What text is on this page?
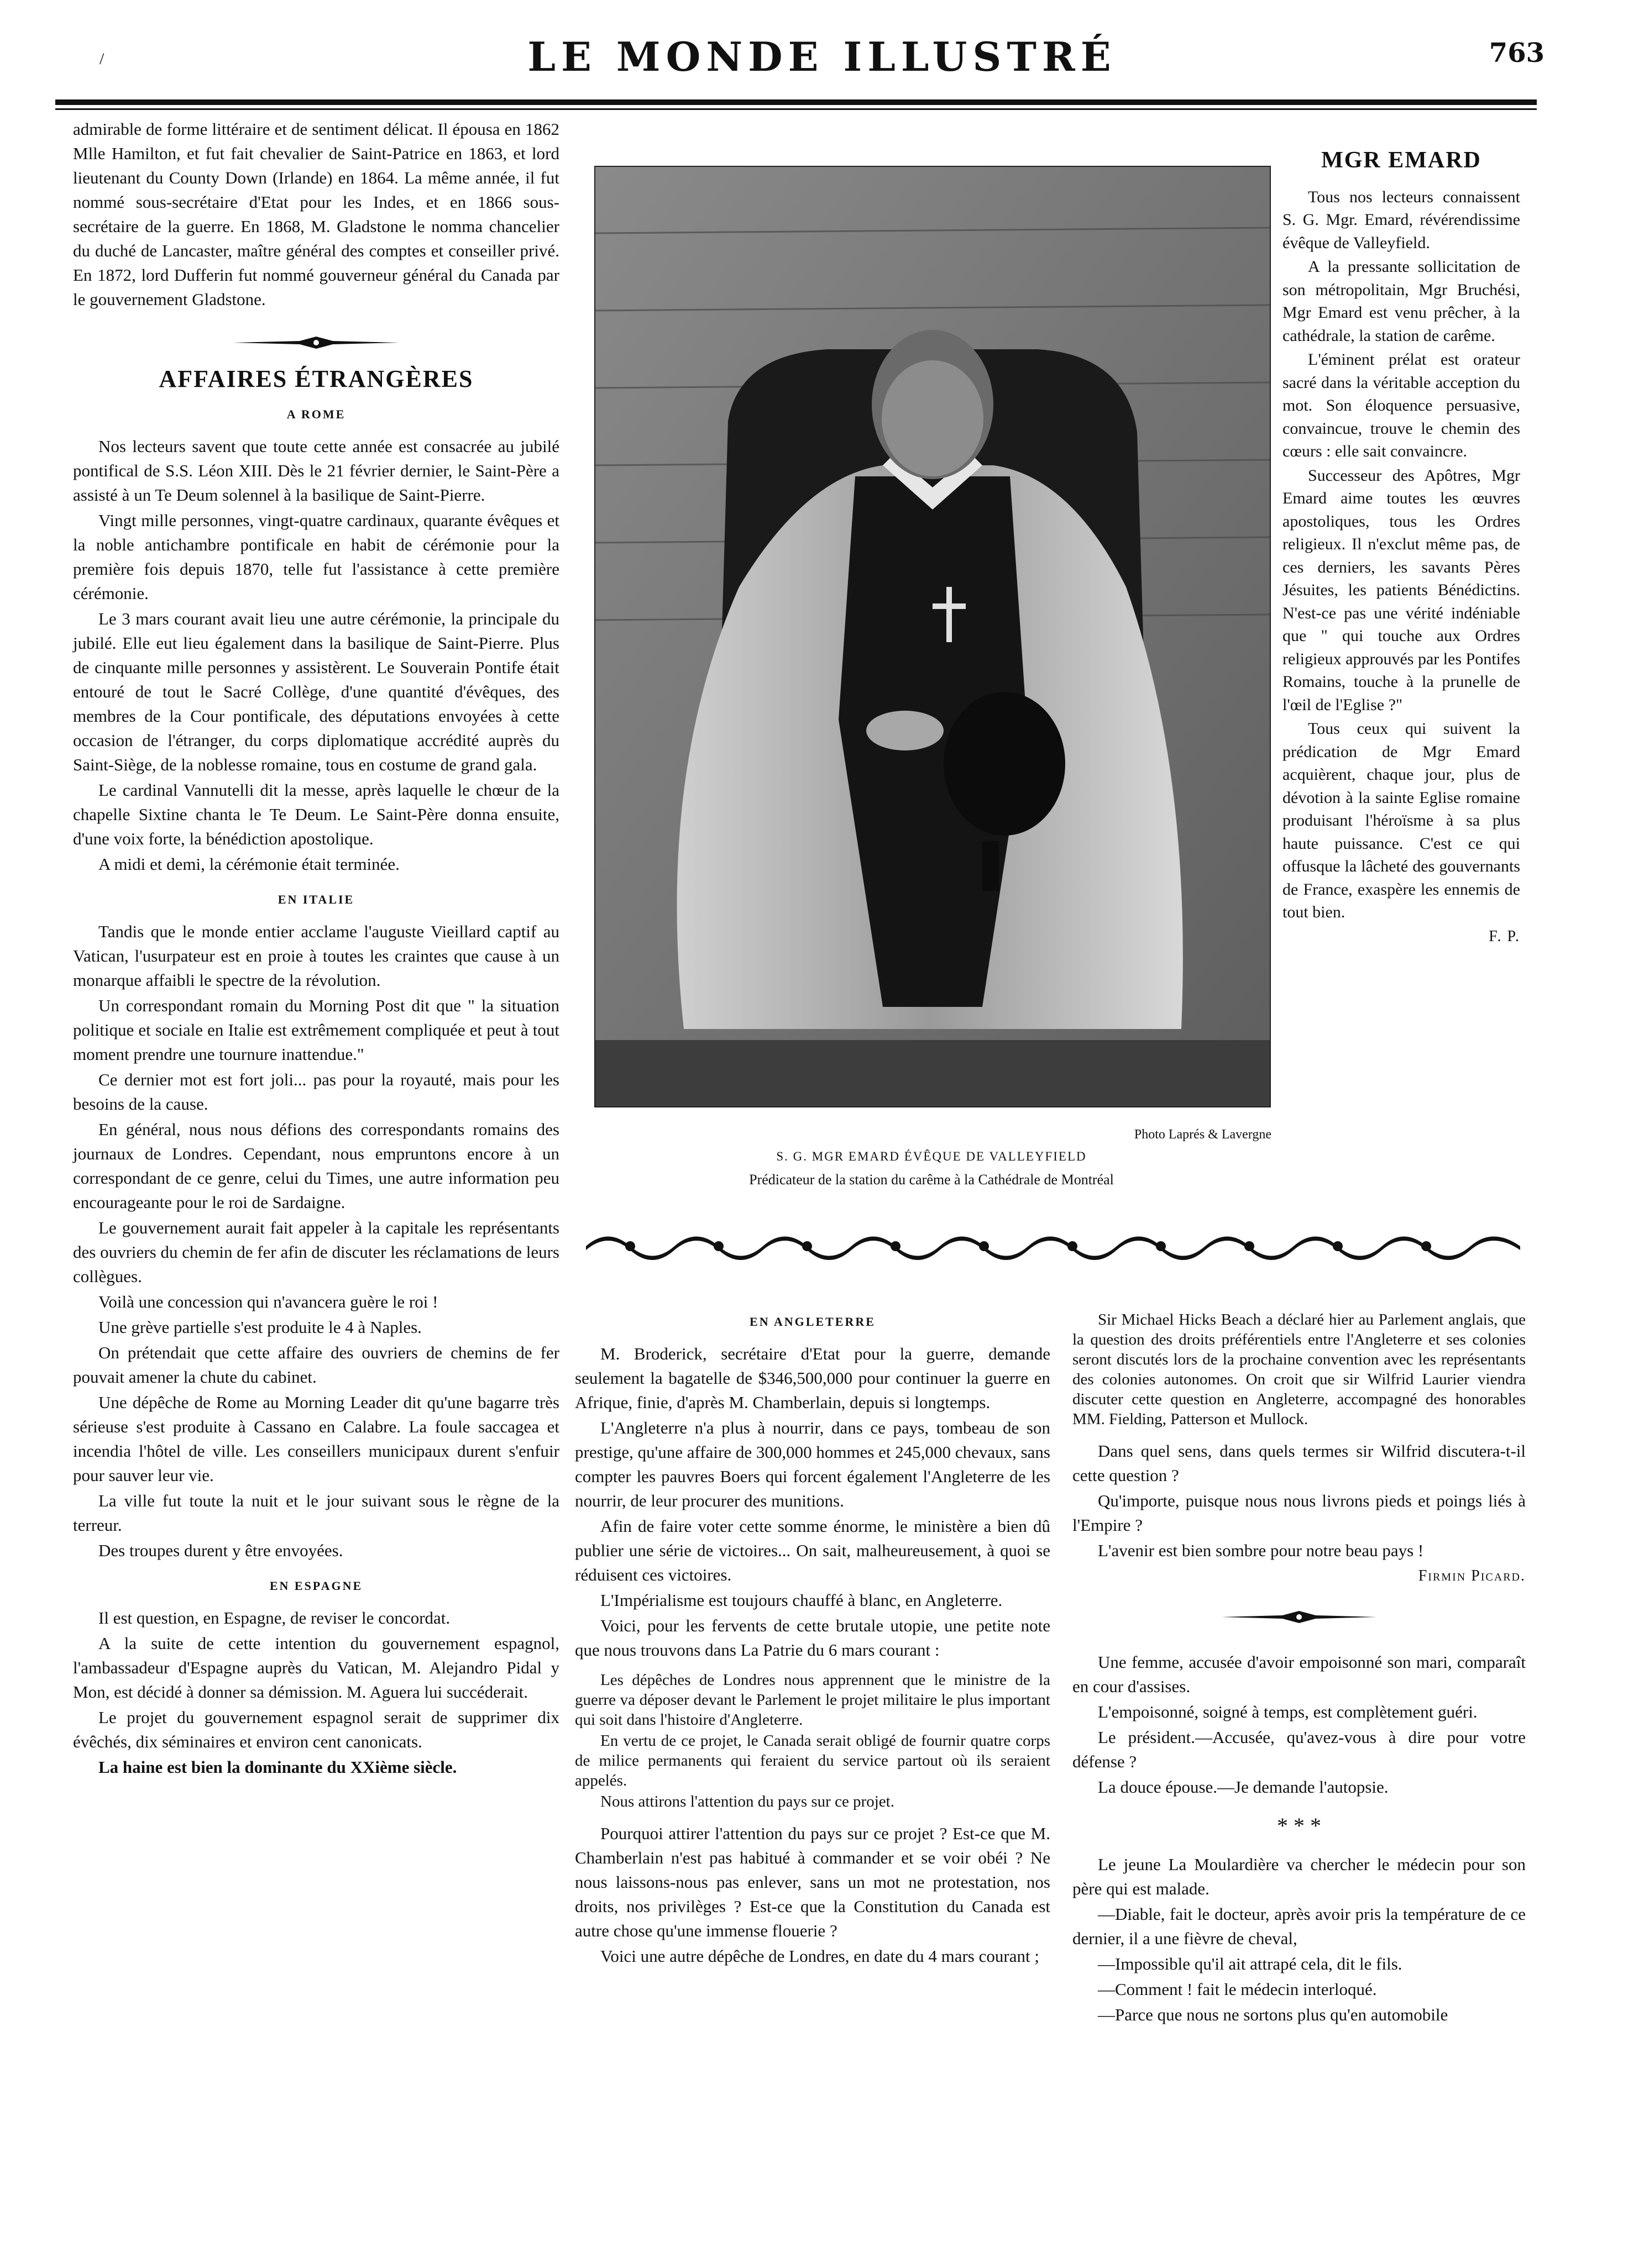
LE MONDE ILLUSTRÉ	763
/

admirable de forme littéraire et de sentiment délicat. Il épousa en 1862 Mlle Hamilton, et fut fait chevalier de Saint-Patrice en 1863, et lord lieutenant du County Down (Irlande) en 1864. La même année, il fut nommé sous-secrétaire d'Etat pour les Indes, et en 1866 sous-secrétaire de la guerre. En 1868, M. Gladstone le nomma chancelier du duché de Lancaster, maître général des comptes et conseiller privé. En 1872, lord Dufferin fut nommé gouverneur général du Canada par le gouvernement Gladstone.

AFFAIRES ÉTRANGÈRES
A ROME

Nos lecteurs savent que toute cette année est consacrée au jubilé pontifical de S.S. Léon XIII. Dès le 21 février dernier, le Saint-Père a assisté à un Te Deum solennel à la basilique de Saint-Pierre.

Vingt mille personnes, vingt-quatre cardinaux, quarante évêques et la noble antichambre pontificale en habit de cérémonie pour la première fois depuis 1870, telle fut l'assistance à cette première cérémonie.

Le 3 mars courant avait lieu une autre cérémonie, la principale du jubilé. Elle eut lieu également dans la basilique de Saint-Pierre. Plus de cinquante mille personnes y assistèrent. Le Souverain Pontife était entouré de tout le Sacré Collège, d'une quantité d'évêques, des membres de la Cour pontificale, des députations envoyées à cette occasion de l'étranger, du corps diplomatique accrédité auprès du Saint-Siège, de la noblesse romaine, tous en costume de grand gala.

Le cardinal Vannutelli dit la messe, après laquelle le chœur de la chapelle Sixtine chanta le Te Deum. Le Saint-Père donna ensuite, d'une voix forte, la bénédiction apostolique.

A midi et demi, la cérémonie était terminée.

EN ITALIE

Tandis que le monde entier acclame l'auguste Vieillard captif au Vatican, l'usurpateur est en proie à toutes les craintes que cause à un monarque affaibli le spectre de la révolution.

Un correspondant romain du Morning Post dit que " la situation politique et sociale en Italie est extrêmement compliquée et peut à tout moment prendre une tournure inattendue."

Ce dernier mot est fort joli... pas pour la royauté, mais pour les besoins de la cause.

En général, nous nous défions des correspondants romains des journaux de Londres. Cependant, nous empruntons encore à un correspondant de ce genre, celui du Times, une autre information peu encourageante pour le roi de Sardaigne.

Le gouvernement aurait fait appeler à la capitale les représentants des ouvriers du chemin de fer afin de discuter les réclamations de leurs collègues.

Voilà une concession qui n'avancera guère le roi !

Une grève partielle s'est produite le 4 à Naples.

On prétendait que cette affaire des ouvriers de chemins de fer pouvait amener la chute du cabinet.

Une dépêche de Rome au Morning Leader dit qu'une bagarre très sérieuse s'est produite à Cassano en Calabre. La foule saccagea et incendia l'hôtel de ville. Les conseillers municipaux durent s'enfuir pour sauver leur vie.

La ville fut toute la nuit et le jour suivant sous le règne de la terreur.

Des troupes durent y être envoyées.

EN ESPAGNE

Il est question, en Espagne, de reviser le concordat.

A la suite de cette intention du gouvernement espagnol, l'ambassadeur d'Espagne auprès du Vatican, M. Alejandro Pidal y Mon, est décidé à donner sa démission. M. Aguera lui succéderait.

Le projet du gouvernement espagnol serait de supprimer dix évêchés, dix séminaires et environ cent canonicats.

La haine est bien la dominante du XXième siècle.

Photo Laprés & Lavergne
S. G. MGR EMARD ÉVÊQUE DE VALLEYFIELD
Prédicateur de la station du carême à la Cathédrale de Montréal
MGR EMARD

Tous nos lecteurs connaissent S. G. Mgr. Emard, révérendissime évêque de Valleyfield.

A la pressante sollicitation de son métropolitain, Mgr Bruchési, Mgr Emard est venu prêcher, à la cathédrale, la station de carême.

L'éminent prélat est orateur sacré dans la véritable acception du mot. Son éloquence persuasive, convaincue, trouve le chemin des cœurs : elle sait convaincre.

Successeur des Apôtres, Mgr Emard aime toutes les œuvres apostoliques, tous les Ordres religieux. Il n'exclut même pas, de ces derniers, les savants Pères Jésuites, les patients Bénédictins. N'est-ce pas une vérité indéniable que " qui touche aux Ordres religieux approuvés par les Pontifes Romains, touche à la prunelle de l'œil de l'Eglise ?"

Tous ceux qui suivent la prédication de Mgr Emard acquièrent, chaque jour, plus de dévotion à la sainte Eglise romaine produisant l'héroïsme à sa plus haute puissance. C'est ce qui offusque la lâcheté des gouvernants de France, exaspère les ennemis de tout bien.

F. P.
EN ANGLETERRE

M. Broderick, secrétaire d'Etat pour la guerre, demande seulement la bagatelle de $346,500,000 pour continuer la guerre en Afrique, finie, d'après M. Chamberlain, depuis si longtemps.

L'Angleterre n'a plus à nourrir, dans ce pays, tombeau de son prestige, qu'une affaire de 300,000 hommes et 245,000 chevaux, sans compter les pauvres Boers qui forcent également l'Angleterre de les nourrir, de leur procurer des munitions.

Afin de faire voter cette somme énorme, le ministère a bien dû publier une série de victoires... On sait, malheureusement, à quoi se réduisent ces victoires.

L'Impérialisme est toujours chauffé à blanc, en Angleterre.

Voici, pour les fervents de cette brutale utopie, une petite note que nous trouvons dans La Patrie du 6 mars courant :

Les dépêches de Londres nous apprennent que le ministre de la guerre va déposer devant le Parlement le projet militaire le plus important qui soit dans l'histoire d'Angleterre.

En vertu de ce projet, le Canada serait obligé de fournir quatre corps de milice permanents qui feraient du service partout où ils seraient appelés.

Nous attirons l'attention du pays sur ce projet.

Pourquoi attirer l'attention du pays sur ce projet ? Est-ce que M. Chamberlain n'est pas habitué à commander et se voir obéi ? Ne nous laissons-nous pas enlever, sans un mot ne protestation, nos droits, nos privilèges ? Est-ce que la Constitution du Canada est autre chose qu'une immense flouerie ?

Voici une autre dépêche de Londres, en date du 4 mars courant ;

Sir Michael Hicks Beach a déclaré hier au Parlement anglais, que la question des droits préférentiels entre l'Angleterre et ses colonies seront discutés lors de la prochaine convention avec les représentants des colonies autonomes. On croit que sir Wilfrid Laurier viendra discuter cette question en Angleterre, accompagné des honorables MM. Fielding, Patterson et Mullock.

Dans quel sens, dans quels termes sir Wilfrid discutera-t-il cette question ?

Qu'importe, puisque nous nous livrons pieds et poings liés à l'Empire ?

L'avenir est bien sombre pour notre beau pays !

Firmin Picard.

Une femme, accusée d'avoir empoisonné son mari, comparaît en cour d'assises.

L'empoisonné, soigné à temps, est complètement guéri.

Le président.—Accusée, qu'avez-vous à dire pour votre défense ?

La douce épouse.—Je demande l'autopsie.

* * *

Le jeune La Moulardière va chercher le médecin pour son père qui est malade.

—Diable, fait le docteur, après avoir pris la température de ce dernier, il a une fièvre de cheval,

—Impossible qu'il ait attrapé cela, dit le fils.

—Comment ! fait le médecin interloqué.

—Parce que nous ne sortons plus qu'en automobile
